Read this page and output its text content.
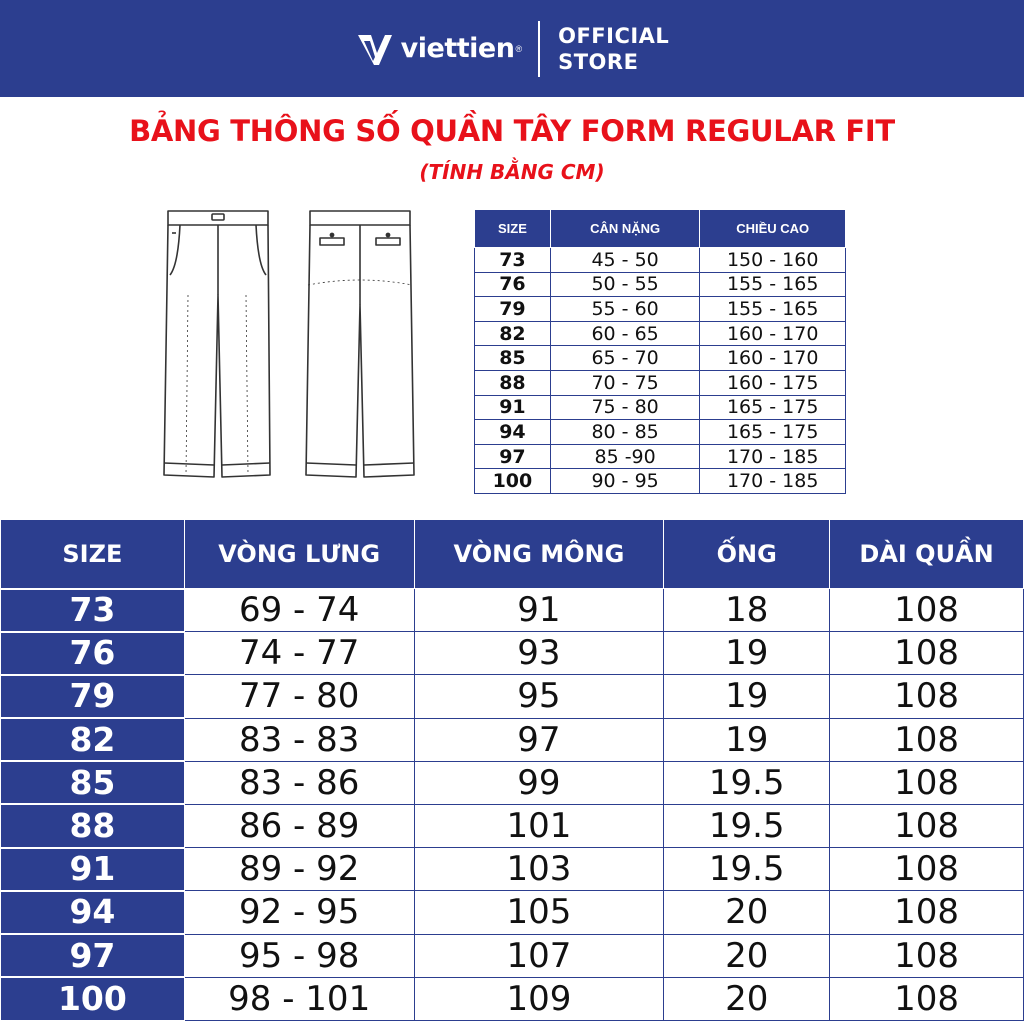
viettien ®
OFFICIAL
STORE
BẢNG THÔNG SỐ QUẦN TÂY FORM REGULAR FIT
(TÍNH BẰNG CM)
SIZE	CÂN NẶNG	CHIỀU CAO
73	45 - 50	150 - 160
76	50 - 55	155 - 165
79	55 - 60	155 - 165
82	60 - 65	160 - 170
85	65 - 70	160 - 170
88	70 - 75	160 - 175
91	75 - 80	165 - 175
94	80 - 85	165 - 175
97	85 -90	170 - 185
100	90 - 95	170 - 185
SIZE	VÒNG LƯNG	VÒNG MÔNG	ỐNG	DÀI QUẦN
73	69 - 74	91	18	108
76	74 - 77	93	19	108
79	77 - 80	95	19	108
82	83 - 83	97	19	108
85	83 - 86	99	19.5	108
88	86 - 89	101	19.5	108
91	89 - 92	103	19.5	108
94	92 - 95	105	20	108
97	95 - 98	107	20	108
100	98 - 101	109	20	108
